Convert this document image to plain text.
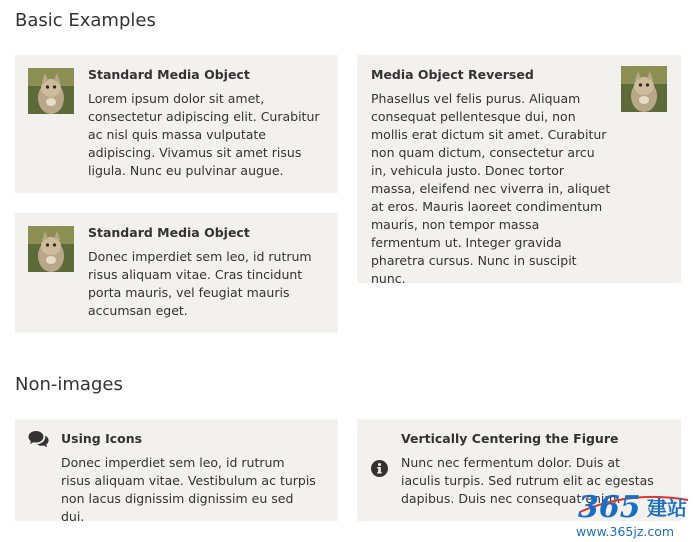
Basic Examples
Standard Media Object
Lorem ipsum dolor sit amet, consectetur adipiscing elit. Curabitur ac nisl quis massa vulputate adipiscing. Vivamus sit amet risus ligula. Nunc eu pulvinar augue.
Media Object Reversed
Phasellus vel felis purus. Aliquam consequat pellentesque dui, non mollis erat dictum sit amet. Curabitur non quam dictum, consectetur arcu in, vehicula justo. Donec tortor massa, eleifend nec viverra in, aliquet at eros. Mauris laoreet condimentum mauris, non tempor massa fermentum ut. Integer gravida pharetra cursus. Nunc in suscipit nunc.
Standard Media Object
Donec imperdiet sem leo, id rutrum risus aliquam vitae. Cras tincidunt porta mauris, vel feugiat mauris accumsan eget.
Non-images
Using Icons
Donec imperdiet sem leo, id rutrum risus aliquam vitae. Vestibulum ac turpis non lacus dignissim dignissim eu sed dui.
Vertically Centering the Figure
Nunc nec fermentum dolor. Duis at iaculis turpis. Sed rutrum elit ac egestas dapibus. Duis nec consequat enim.
365 建站
www.365jz.com
